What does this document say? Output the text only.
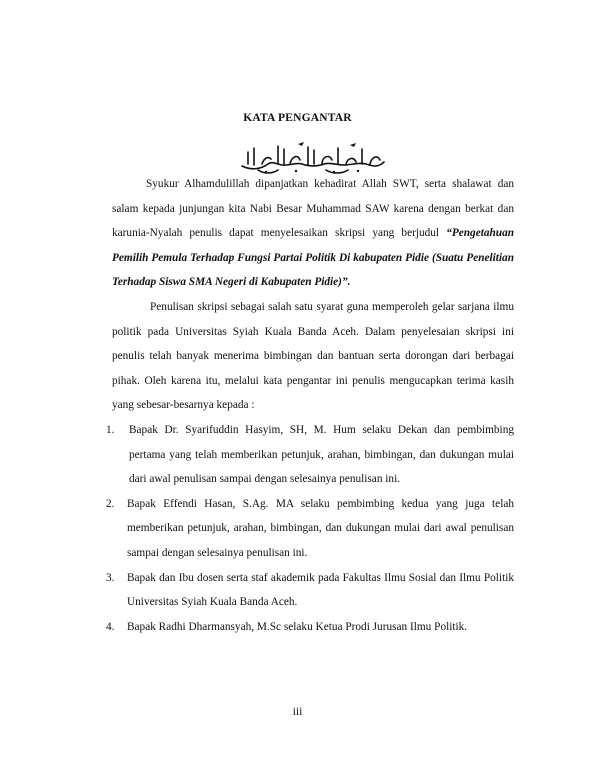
KATA PENGANTAR

Syukur Alhamdulillah dipanjatkan kehadirat Allah SWT, serta shalawat dan salam kepada junjungan kita Nabi Besar Muhammad SAW karena dengan berkat dan karunia-Nyalah penulis dapat menyelesaikan skripsi yang berjudul “Pengetahuan Pemilih Pemula Terhadap Fungsi Partai Politik Di kabupaten Pidie (Suatu Penelitian Terhadap Siswa SMA Negeri di Kabupaten Pidie)”.

Penulisan skripsi sebagai salah satu syarat guna memperoleh gelar sarjana ilmu politik pada Universitas Syiah Kuala Banda Aceh. Dalam penyelesaian skripsi ini penulis telah banyak menerima bimbingan dan bantuan serta dorongan dari berbagai pihak. Oleh karena itu, melalui kata pengantar ini penulis mengucapkan terima kasih yang sebesar-besarnya kepada :

1. Bapak Dr. Syarifuddin Hasyim, SH, M. Hum selaku Dekan dan pembimbing pertama yang telah memberikan petunjuk, arahan, bimbingan, dan dukungan mulai dari awal penulisan sampai dengan selesainya penulisan ini.
2. Bapak Effendi Hasan, S.Ag. MA selaku pembimbing kedua yang juga telah memberikan petunjuk, arahan, bimbingan, dan dukungan mulai dari awal penulisan sampai dengan selesainya penulisan ini.
3. Bapak dan Ibu dosen serta staf akademik pada Fakultas Ilmu Sosial dan Ilmu Politik Universitas Syiah Kuala Banda Aceh.
4. Bapak Radhi Dharmansyah, M.Sc selaku Ketua Prodi Jurusan Ilmu Politik.
iii
